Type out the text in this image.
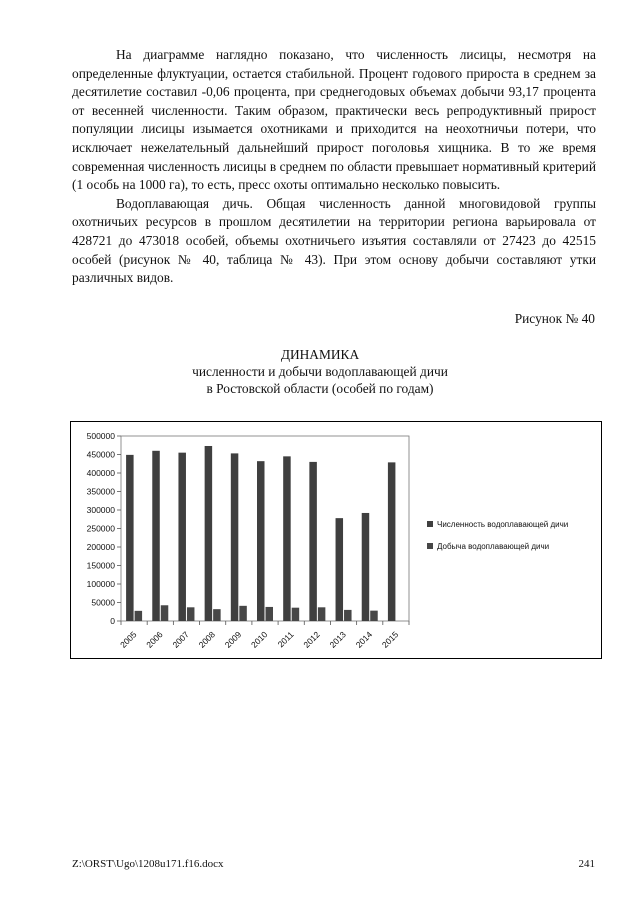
На диаграмме наглядно показано, что численность лисицы, несмотря на определенные флуктуации, остается стабильной. Процент годового прироста в среднем за десятилетие составил -0,06 процента, при среднегодовых объемах добычи 93,17 процента от весенней численности. Таким образом, практически весь репродуктивный прирост популяции лисицы изымается охотниками и приходится на неохотничьи потери, что исключает нежелательный дальнейший прирост поголовья хищника. В то же время современная численность лисицы в среднем по области превышает нормативный критерий (1 особь на 1000 га), то есть, пресс охоты оптимально несколько повысить.

Водоплавающая дичь. Общая численность данной многовидовой группы охотничьих ресурсов в прошлом десятилетии на территории региона варьировала от 428721 до 473018 особей, объемы охотничьего изъятия составляли от 27423 до 42515 особей (рисунок № 40, таблица № 43). При этом основу добычи составляют утки различных видов.

Рисунок № 40
ДИНАМИКА
численности и добычи водоплавающей дичи
в Ростовской области (особей по годам)
0
50000
100000
150000
200000
250000
300000
350000
400000
450000
500000
2005 2006 2007 2008 2009 2010 2011 2012 2013 2014 2015
Численность водоплавающей дичи
Добыча водоплавающей дичи
Z:\ORST\Ugo\1208u171.f16.docx	241
